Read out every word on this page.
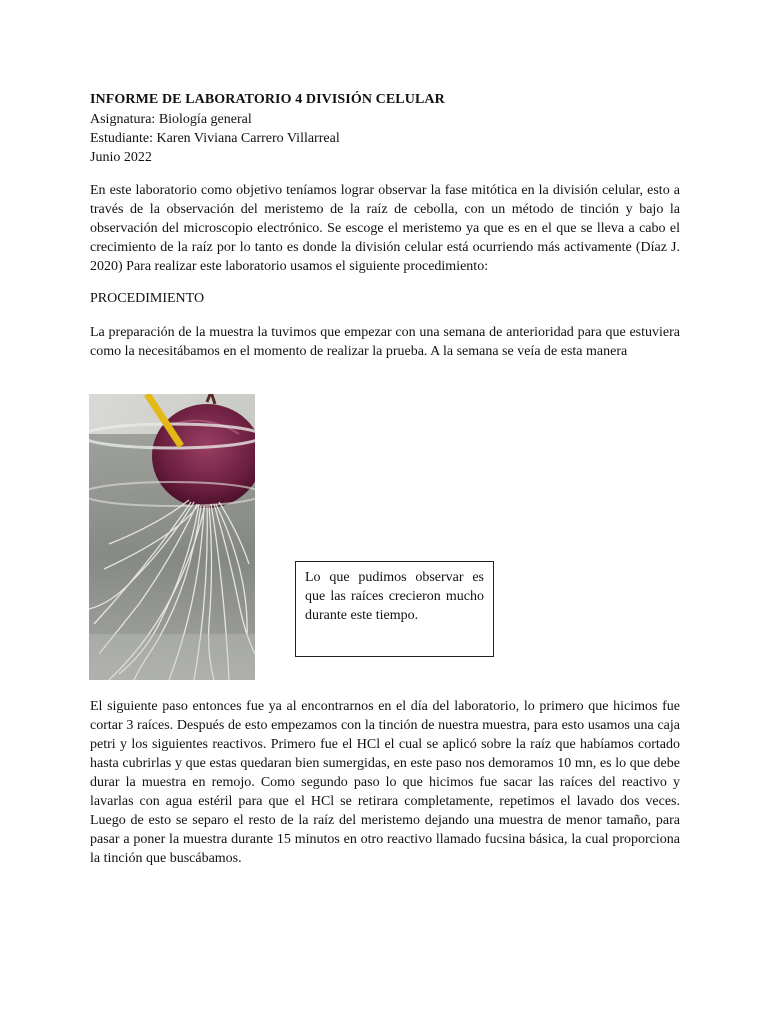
INFORME DE LABORATORIO 4 DIVISIÓN CELULAR
Asignatura: Biología general
Estudiante: Karen Viviana Carrero Villarreal
Junio 2022

En este laboratorio como objetivo teníamos lograr observar la fase mitótica en la división celular, esto a través de la observación del meristemo de la raíz de cebolla, con un método de tinción y bajo la observación del microscopio electrónico. Se escoge el meristemo ya que es en el que se lleva a cabo el crecimiento de la raíz por lo tanto es donde la división celular está ocurriendo más activamente (Díaz J. 2020) Para realizar este laboratorio usamos el siguiente procedimiento:

PROCEDIMIENTO

La preparación de la muestra la tuvimos que empezar con una semana de anterioridad para que estuviera como la necesitábamos en el momento de realizar la prueba. A la semana se veía de esta manera

Lo que pudimos observar es que las raíces crecieron mucho durante este tiempo.

El siguiente paso entonces fue ya al encontrarnos en el día del laboratorio, lo primero que hicimos fue cortar 3 raíces. Después de esto empezamos con la tinción de nuestra muestra, para esto usamos una caja petri y los siguientes reactivos. Primero fue el HCl el cual se aplicó sobre la raíz que habíamos cortado hasta cubrirlas y que estas quedaran bien sumergidas, en este paso nos demoramos 10 mn, es lo que debe durar la muestra en remojo. Como segundo paso lo que hicimos fue sacar las raíces del reactivo y lavarlas con agua estéril para que el HCl se retirara completamente, repetimos el lavado dos veces. Luego de esto se separo el resto de la raíz del meristemo dejando una muestra de menor tamaño, para pasar a poner la muestra durante 15 minutos en otro reactivo llamado fucsina básica, la cual proporciona la tinción que buscábamos.
